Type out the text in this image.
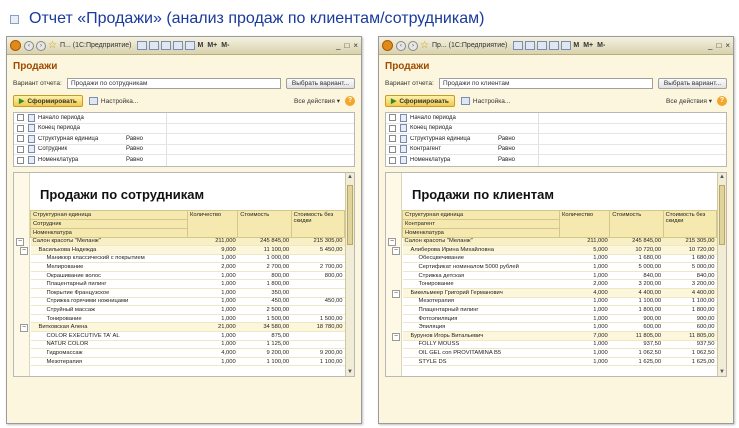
Отчет «Продажи» (анализ продаж по клиентам/сотрудникам)
‹	› ☆ П... (1С:Предприятие)	M M+ M-	_ □ ×
Продажи
Вариант отчета:	Продажи по сотрудникам	Выбрать вариант...
▶ Сформировать	Настройка...	Все действия ▾	?
Начало периода
Конец периода
Структурная единица	Равно
Сотрудник	Равно
Номенклатура	Равно
−
−
−
Продажи по сотрудникам
Структурная единица	Количество	Стоимость	Стоимость без скидки
Сотрудник			
Номенклатура			
Салон красоты "Меланж"	211,000	245 845,00	215 305,00
Васильковa Надежда	9,000	11 100,00	5 450,00
Маникюр классический с покрытием	1,000	1 000,00	
Мелирование	2,000	2 700,00	2 700,00
Окрашивание волос	1,000	800,00	800,00
Плацентарный пилинг	1,000	1 800,00	
Покрытие Французское	1,000	350,00	
Стрижка горячими ножницами	1,000	450,00	450,00
Струйный массаж	1,000	2 500,00	
Тонирование	1,000	1 500,00	1 500,00
Витковская Алена	21,000	34 580,00	18 780,00
COLOR EXECUTIVE TA' AL	1,000	875,00	
NATUR COLOR	1,000	1 125,00	
Гидромассаж	4,000	9 200,00	9 200,00
Мезотерапия	1,000	1 100,00	1 100,00
▲
▼
‹	› ☆ Пр... (1С:Предприятие)	M M+ M-	_ □ ×
Продажи
Вариант отчета:	Продажи по клиентам	Выбрать вариант...
▶ Сформировать	Настройка...	Все действия ▾	?
Начало периода
Конец периода
Структурная единица	Равно
Контрагент	Равно
Номенклатура	Равно
−
−
−
−
Продажи по клиентам
Структурная единица	Количество	Стоимость	Стоимость без скидки
Контрагент			
Номенклатура			
Салон красоты "Меланж"	211,000	245 845,00	215 305,00
Алиберова Ирина Михайловна	5,000	10 720,00	10 720,00
Обесцвечивание	1,000	1 680,00	1 680,00
Сертификат номиналом 5000 рублей	1,000	5 000,00	5 000,00
Стрижка детская	1,000	840,00	840,00
Тонирование	2,000	3 200,00	3 200,00
Бикельмеер Григорий Германович	4,000	4 400,00	4 400,00
Мезотерапия	1,000	1 100,00	1 100,00
Плацентарный пилинг	1,000	1 800,00	1 800,00
Фотоэпиляция	1,000	900,00	900,00
Эпиляция	1,000	600,00	600,00
Бурунов Игорь Витальевич	7,000	11 805,00	11 805,00
FOLLY MOUSS	1,000	937,50	937,50
OIL GEL con PROVITAMINA B5	1,000	1 062,50	1 062,50
STYLE DS	1,000	1 625,00	1 625,00
▲
▼
